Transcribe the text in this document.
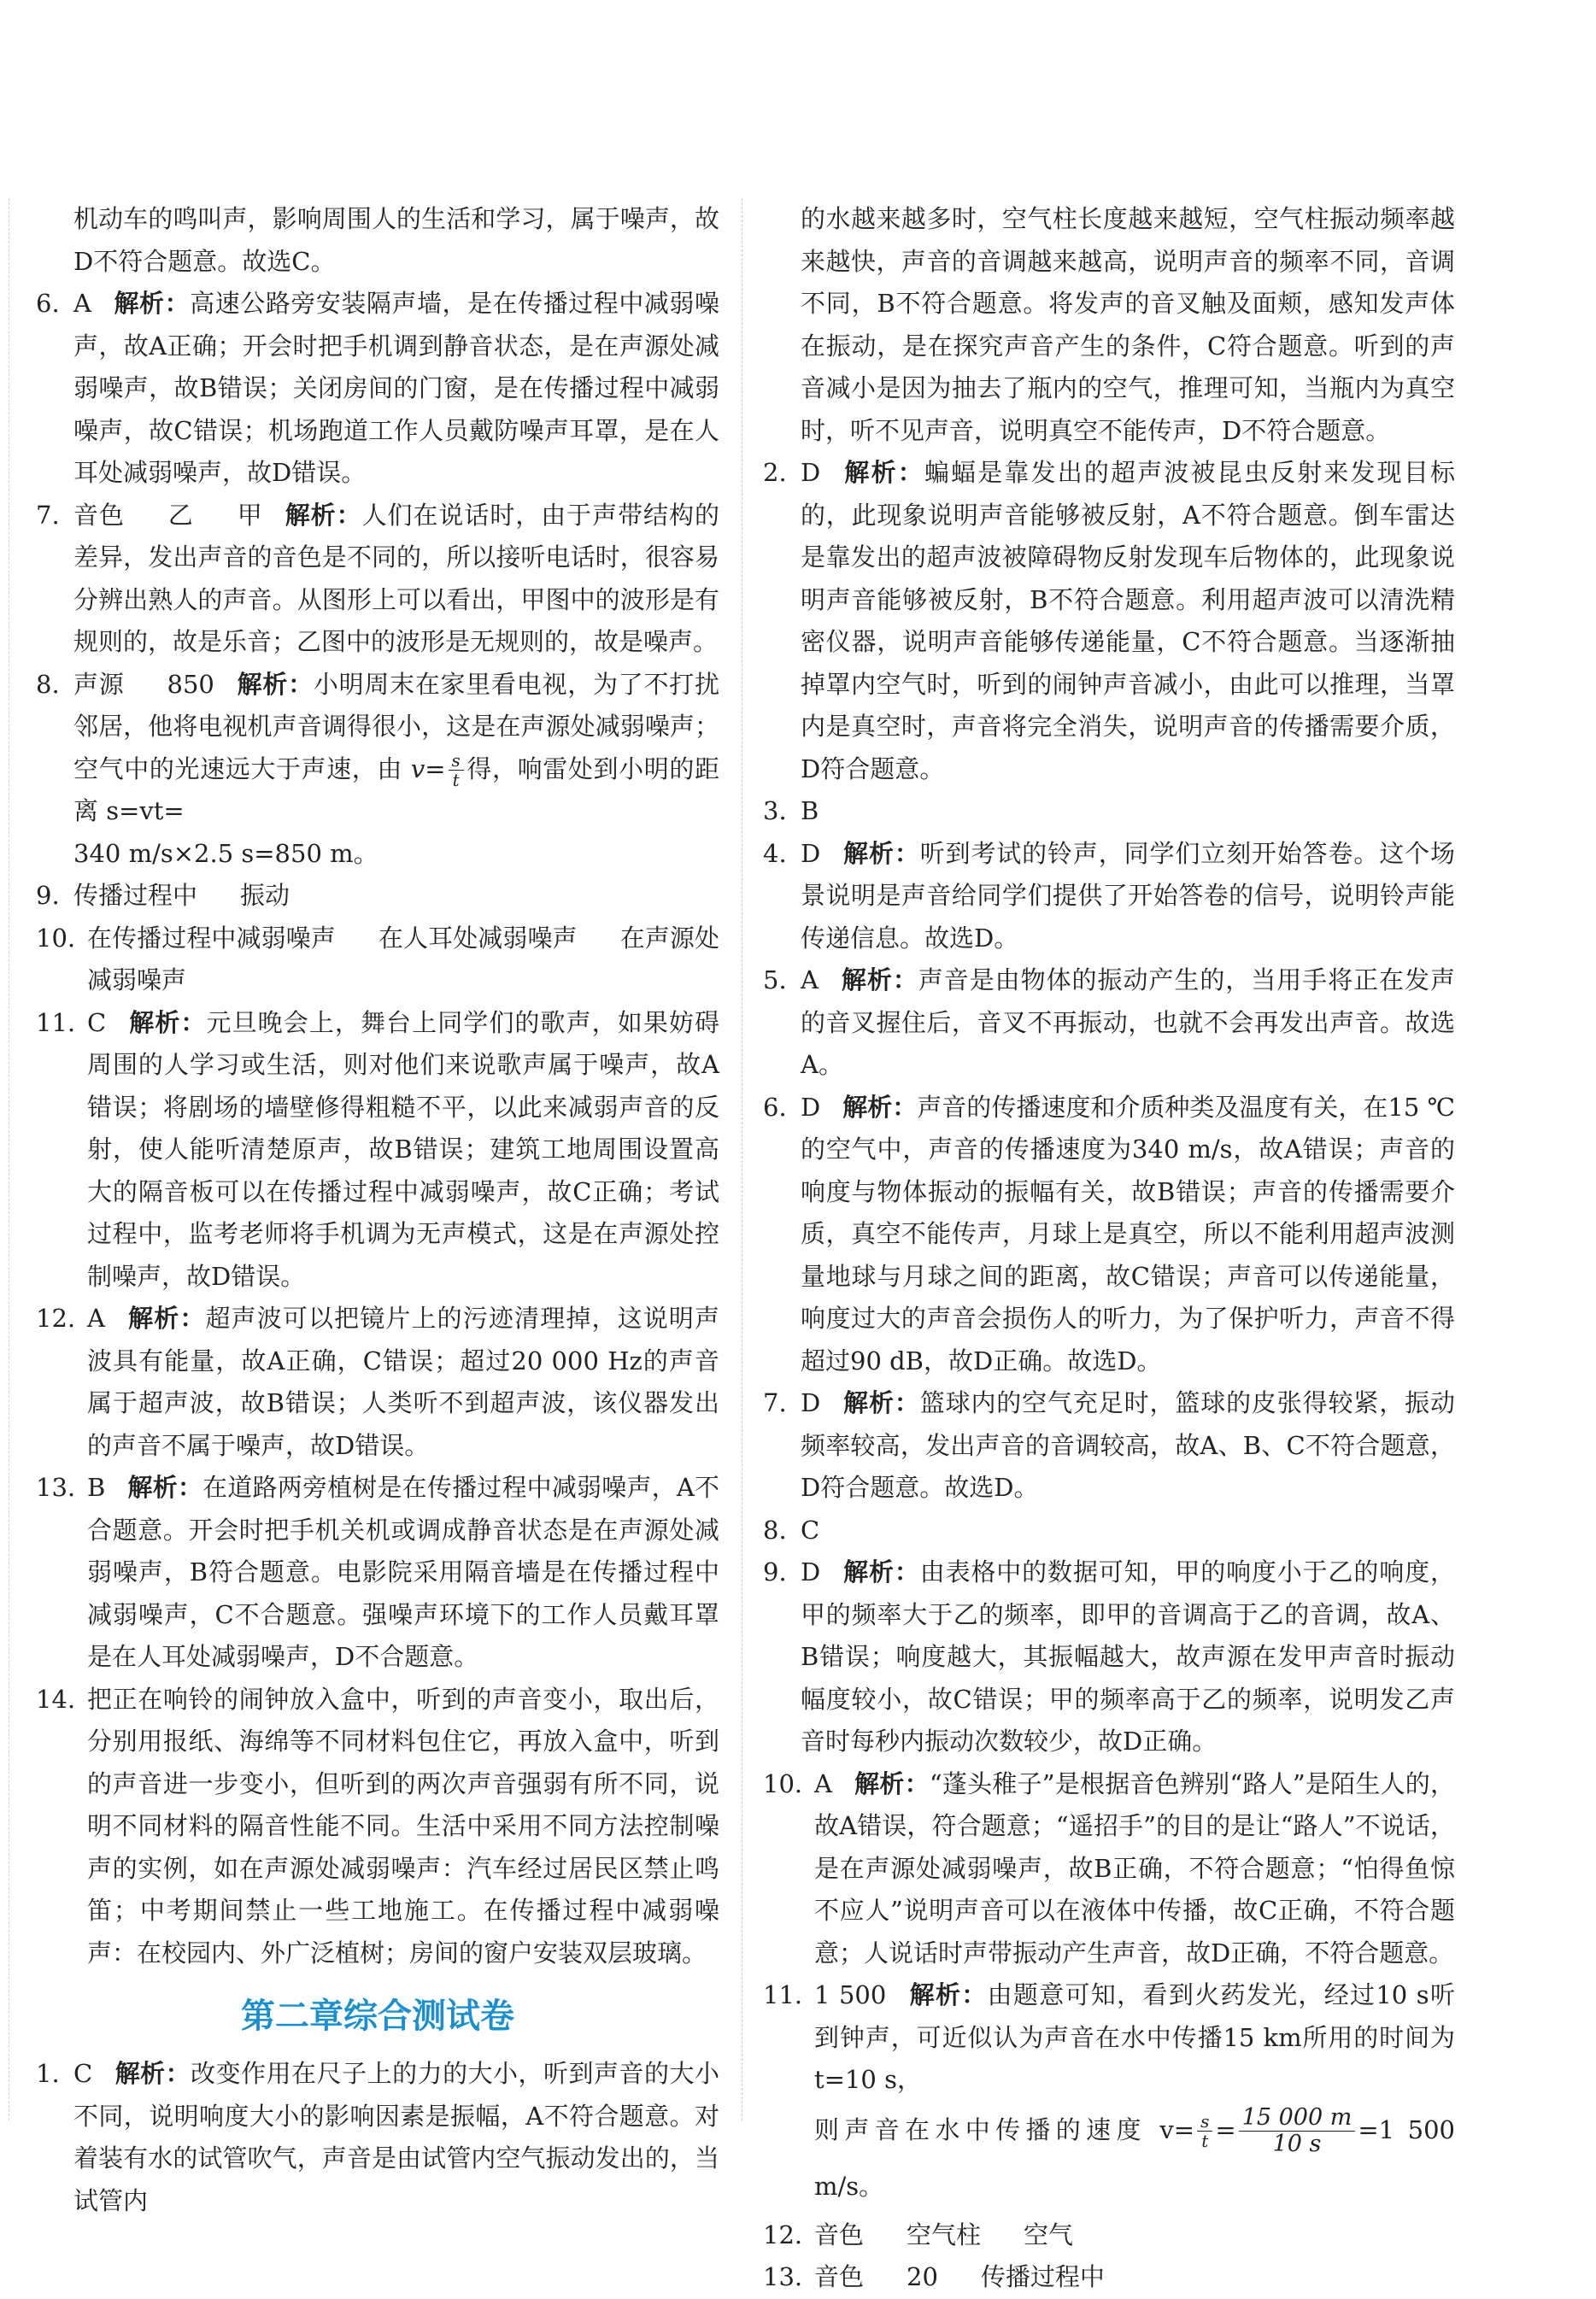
机动车的鸣叫声，影响周围人的生活和学习，属于噪声，故D不符合题意。故选C。
6. A 解析：高速公路旁安装隔声墙，是在传播过程中减弱噪声，故A正确；开会时把手机调到静音状态，是在声源处减弱噪声，故B错误；关闭房间的门窗，是在传播过程中减弱噪声，故C错误；机场跑道工作人员戴防噪声耳罩，是在人耳处减弱噪声，故D错误。
7. 音色 乙 甲 解析：人们在说话时，由于声带结构的差异，发出声音的音色是不同的，所以接听电话时，很容易分辨出熟人的声音。从图形上可以看出，甲图中的波形是有规则的，故是乐音；乙图中的波形是无规则的，故是噪声。
8. 声源 850 解析：小明周末在家里看电视，为了不打扰邻居，他将电视机声音调得很小，这是在声源处减弱噪声；空气中的光速远大于声速，由 $v= \frac{s}{t}$ 得，响雷处到小明的距离 s=vt=
340 m/s×2.5 s=850 m。
9. 传播过程中 振动
10. 在传播过程中减弱噪声 在人耳处减弱噪声 在声源处减弱噪声
11. C 解析：元旦晚会上，舞台上同学们的歌声，如果妨碍周围的人学习或生活，则对他们来说歌声属于噪声，故A错误；将剧场的墙壁修得粗糙不平，以此来减弱声音的反射，使人能听清楚原声，故B错误；建筑工地周围设置高大的隔音板可以在传播过程中减弱噪声，故C正确；考试过程中，监考老师将手机调为无声模式，这是在声源处控制噪声，故D错误。
12. A 解析：超声波可以把镜片上的污迹清理掉，这说明声波具有能量，故A正确，C错误；超过20 000 Hz的声音属于超声波，故B错误；人类听不到超声波，该仪器发出的声音不属于噪声，故D错误。
13. B 解析：在道路两旁植树是在传播过程中减弱噪声，A不合题意。开会时把手机关机或调成静音状态是在声源处减弱噪声，B符合题意。电影院采用隔音墙是在传播过程中减弱噪声，C不合题意。强噪声环境下的工作人员戴耳罩是在人耳处减弱噪声，D不合题意。
14. 把正在响铃的闹钟放入盒中，听到的声音变小，取出后，分别用报纸、海绵等不同材料包住它，再放入盒中，听到的声音进一步变小，但听到的两次声音强弱有所不同，说明不同材料的隔音性能不同。生活中采用不同方法控制噪声的实例，如在声源处减弱噪声：汽车经过居民区禁止鸣笛；中考期间禁止一些工地施工。在传播过程中减弱噪声：在校园内、外广泛植树；房间的窗户安装双层玻璃。
第二章综合测试卷
1. C 解析：改变作用在尺子上的力的大小，听到声音的大小不同，说明响度大小的影响因素是振幅，A不符合题意。对着装有水的试管吹气，声音是由试管内空气振动发出的，当试管内
的水越来越多时，空气柱长度越来越短，空气柱振动频率越来越快，声音的音调越来越高，说明声音的频率不同，音调不同，B不符合题意。将发声的音叉触及面颊，感知发声体在振动，是在探究声音产生的条件，C符合题意。听到的声音减小是因为抽去了瓶内的空气，推理可知，当瓶内为真空时，听不见声音，说明真空不能传声，D不符合题意。
2. D 解析：蝙蝠是靠发出的超声波被昆虫反射来发现目标的，此现象说明声音能够被反射，A不符合题意。倒车雷达是靠发出的超声波被障碍物反射发现车后物体的，此现象说明声音能够被反射，B不符合题意。利用超声波可以清洗精密仪器，说明声音能够传递能量，C不符合题意。当逐渐抽掉罩内空气时，听到的闹钟声音减小，由此可以推理，当罩内是真空时，声音将完全消失，说明声音的传播需要介质，D符合题意。
3. B
4. D 解析：听到考试的铃声，同学们立刻开始答卷。这个场景说明是声音给同学们提供了开始答卷的信号，说明铃声能传递信息。故选D。
5. A 解析：声音是由物体的振动产生的，当用手将正在发声的音叉握住后，音叉不再振动，也就不会再发出声音。故选A。
6. D 解析：声音的传播速度和介质种类及温度有关，在15 ℃的空气中，声音的传播速度为340 m/s，故A错误；声音的响度与物体振动的振幅有关，故B错误；声音的传播需要介质，真空不能传声，月球上是真空，所以不能利用超声波测量地球与月球之间的距离，故C错误；声音可以传递能量，响度过大的声音会损伤人的听力，为了保护听力，声音不得超过90 dB，故D正确。故选D。
7. D 解析：篮球内的空气充足时，篮球的皮张得较紧，振动频率较高，发出声音的音调较高，故A、B、C不符合题意，D符合题意。故选D。
8. C
9. D 解析：由表格中的数据可知，甲的响度小于乙的响度，甲的频率大于乙的频率，即甲的音调高于乙的音调，故A、B错误；响度越大，其振幅越大，故声源在发甲声音时振动幅度较小，故C错误；甲的频率高于乙的频率，说明发乙声音时每秒内振动次数较少，故D正确。
10. A 解析：“蓬头稚子”是根据音色辨别“路人”是陌生人的，故A错误，符合题意；“遥招手”的目的是让“路人”不说话，是在声源处减弱噪声，故B正确，不符合题意；“怕得鱼惊不应人”说明声音可以在液体中传播，故C正确，不符合题意；人说话时声带振动产生声音，故D正确，不符合题意。
11. 1 500 解析：由题意可知，看到火药发光，经过10 s听到钟声，可近似认为声音在水中传播15 km所用的时间为t=10 s，
则声音在水中传播的速度 $v= \frac{s}{t} = \frac{15 000 m}{10 s} =1$ 500 m/s。
12. 音色 空气柱 空气
13. 音色 20 传播过程中
